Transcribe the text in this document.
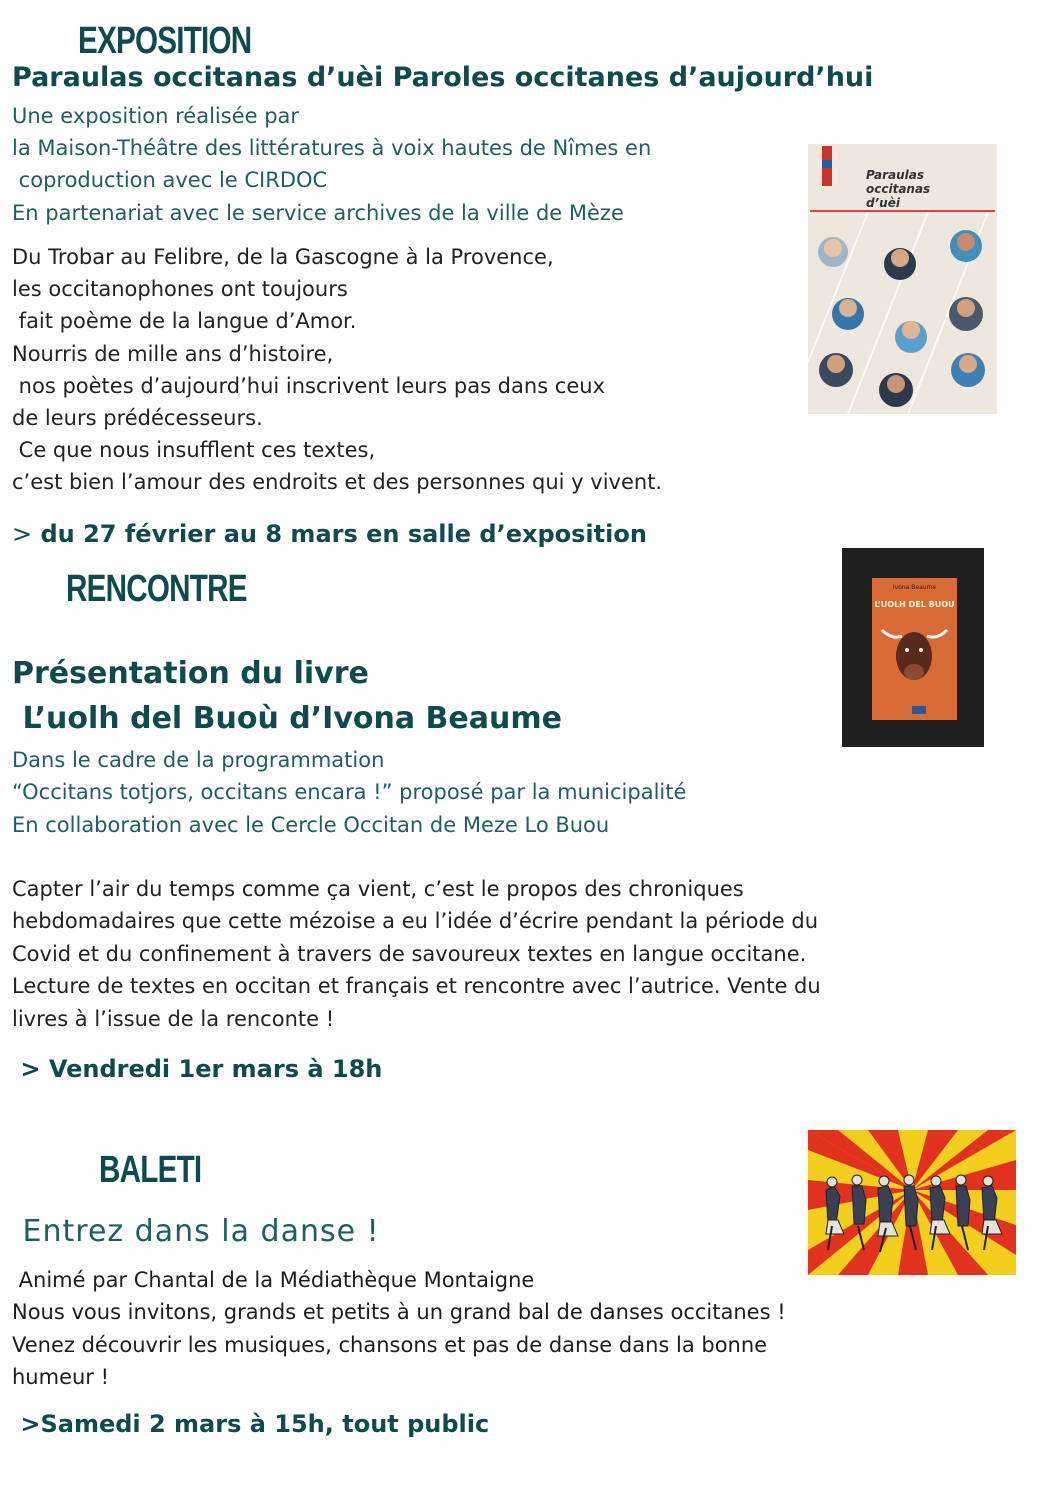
EXPOSITION
Paraulas occitanas d’uèi Paroles occitanes d’aujourd’hui
Une exposition réalisée par
la Maison-Théâtre des littératures à voix hautes de Nîmes en
coproduction avec le CIRDOC
En partenariat avec le service archives de la ville de Mèze
Du Trobar au Felibre, de la Gascogne à la Provence,
les occitanophones ont toujours
fait poème de la langue d’Amor.
Nourris de mille ans d’histoire,
nos poètes d’aujourd’hui inscrivent leurs pas dans ceux
de leurs prédécesseurs.
Ce que nous insufflent ces textes,
c’est bien l’amour des endroits et des personnes qui y vivent.
> du 27 février au 8 mars en salle d’exposition
Paraulas
occitanas
d’uèi
RENCONTRE
Présentation du livre
L’uolh del Buoù d’Ivona Beaume
Dans le cadre de la programmation
“Occitans totjors, occitans encara !” proposé par la municipalité
En collaboration avec le Cercle Occitan de Meze Lo Buou
Capter l’air du temps comme ça vient, c’est le propos des chroniques
hebdomadaires que cette mézoise a eu l’idée d’écrire pendant la période du
Covid et du confinement à travers de savoureux textes en langue occitane.
Lecture de textes en occitan et français et rencontre avec l’autrice. Vente du
livres à l’issue de la renconte !
> Vendredi 1er mars à 18h
Ivona Beaume
L’UOLH DEL BUOU
BALETI
Entrez dans la danse !
Animé par Chantal de la Médiathèque Montaigne
Nous vous invitons, grands et petits à un grand bal de danses occitanes !
Venez découvrir les musiques, chansons et pas de danse dans la bonne
humeur !
>Samedi 2 mars à 15h, tout public
